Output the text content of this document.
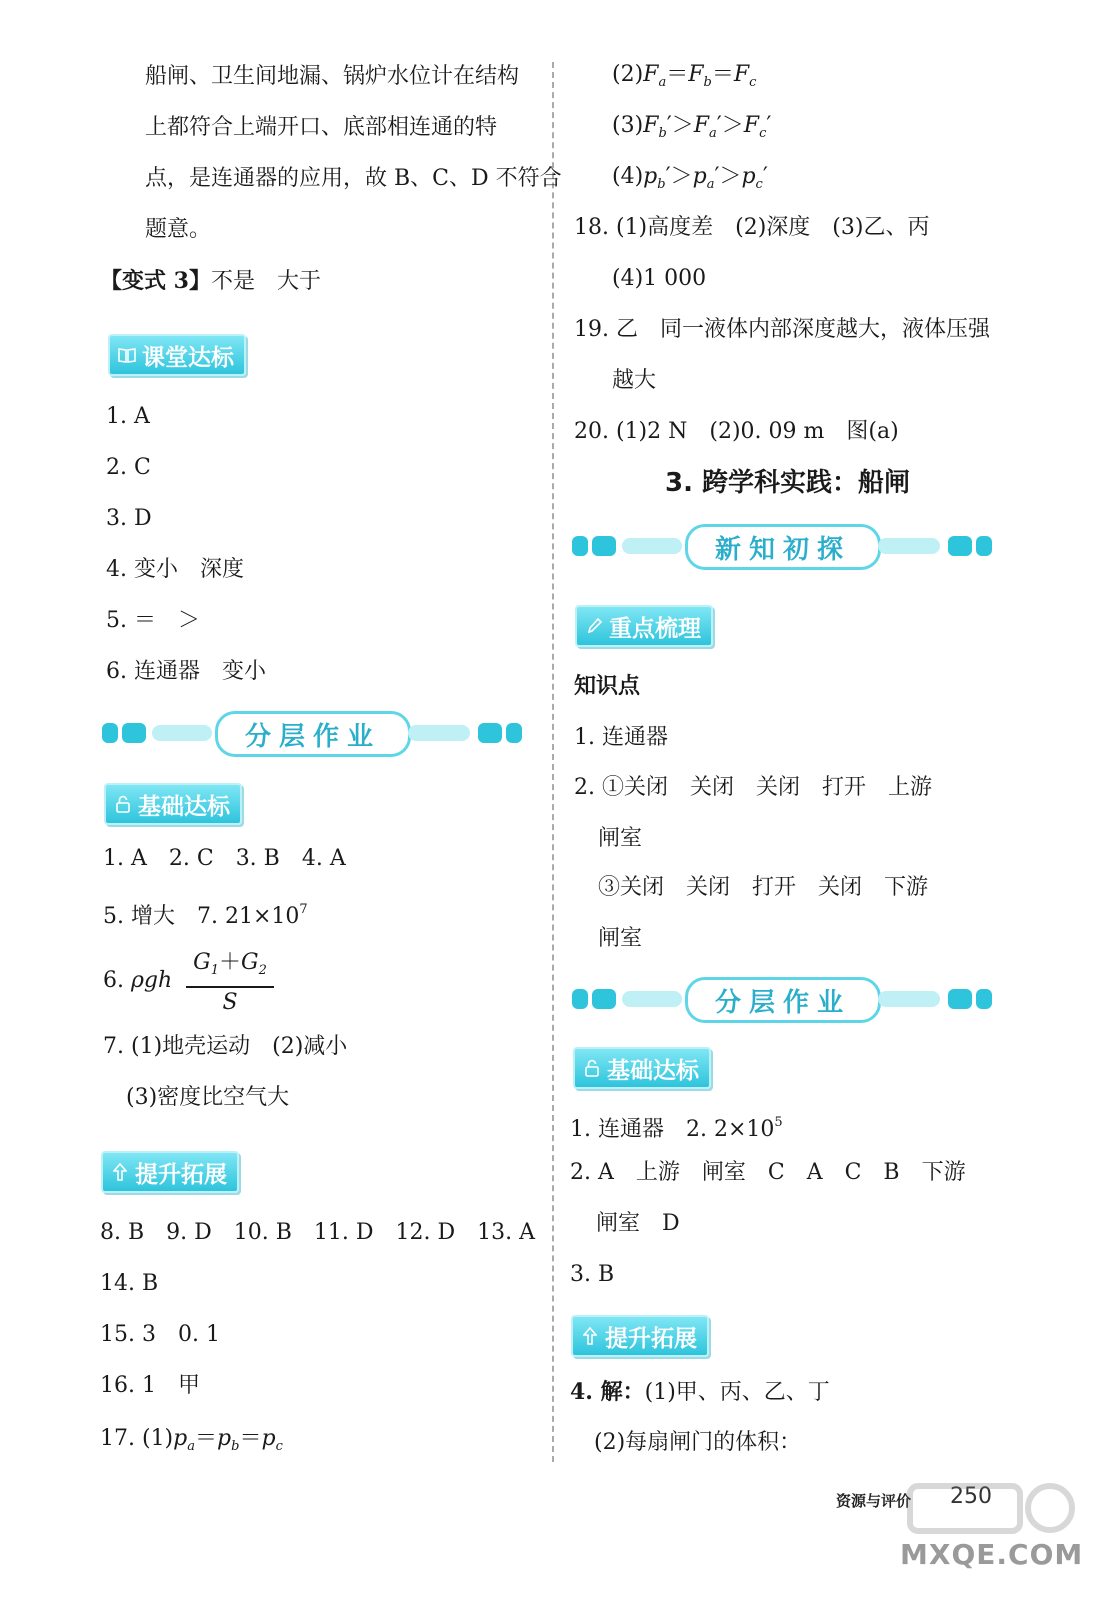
船闸、卫生间地漏、锅炉水位计在结构
上都符合上端开口、底部相连通的特
点，是连通器的应用，故 B、C、D 不符合
题意。
【变式 3】不是　大于
课堂达标
1. A
2. C
3. D
4. 变小　深度
5. ＝　＞
6. 连通器　变小
分层作业
基础达标
1. A　2. C　3. B　4. A
5. 增大　7. $21\times 10^7$
6. ρgh $\frac{G_1+G_2}{S}$
7. (1)地壳运动　(2)减小
(3)密度比空气大
提升拓展
8. B　9. D　10. B　11. D　12. D　13. A
14. B
15. 3　0. 1
16. 1　甲
17. $(1)p_a=p_b=p_c$
$(2)F_a=F_b=F_c$
$(3)F_b'>F_a'>F_c'$
$(4)p_b'>p_a'>p_c'$
18. (1)高度差　(2)深度　(3)乙、丙
(4)1 000
19. 乙　同一液体内部深度越大，液体压强
越大
20. (1)2 N　(2)0. 09 m　图(a)
3. 跨学科实践：船闸
新知初探
重点梳理
知识点
1. 连通器
2. ①关闭　关闭　关闭　打开　上游
闸室
③关闭　关闭　打开　关闭　下游
闸室
分层作业
基础达标
1. 连通器　2. $2\times 10^5$
2. A　上游　闸室　C　A　C　B　下游
闸室　D
3. B
提升拓展
4. 解：(1)甲、丙、乙、丁
(2)每扇闸门的体积：
资源与评价 250
MXQE.COM
